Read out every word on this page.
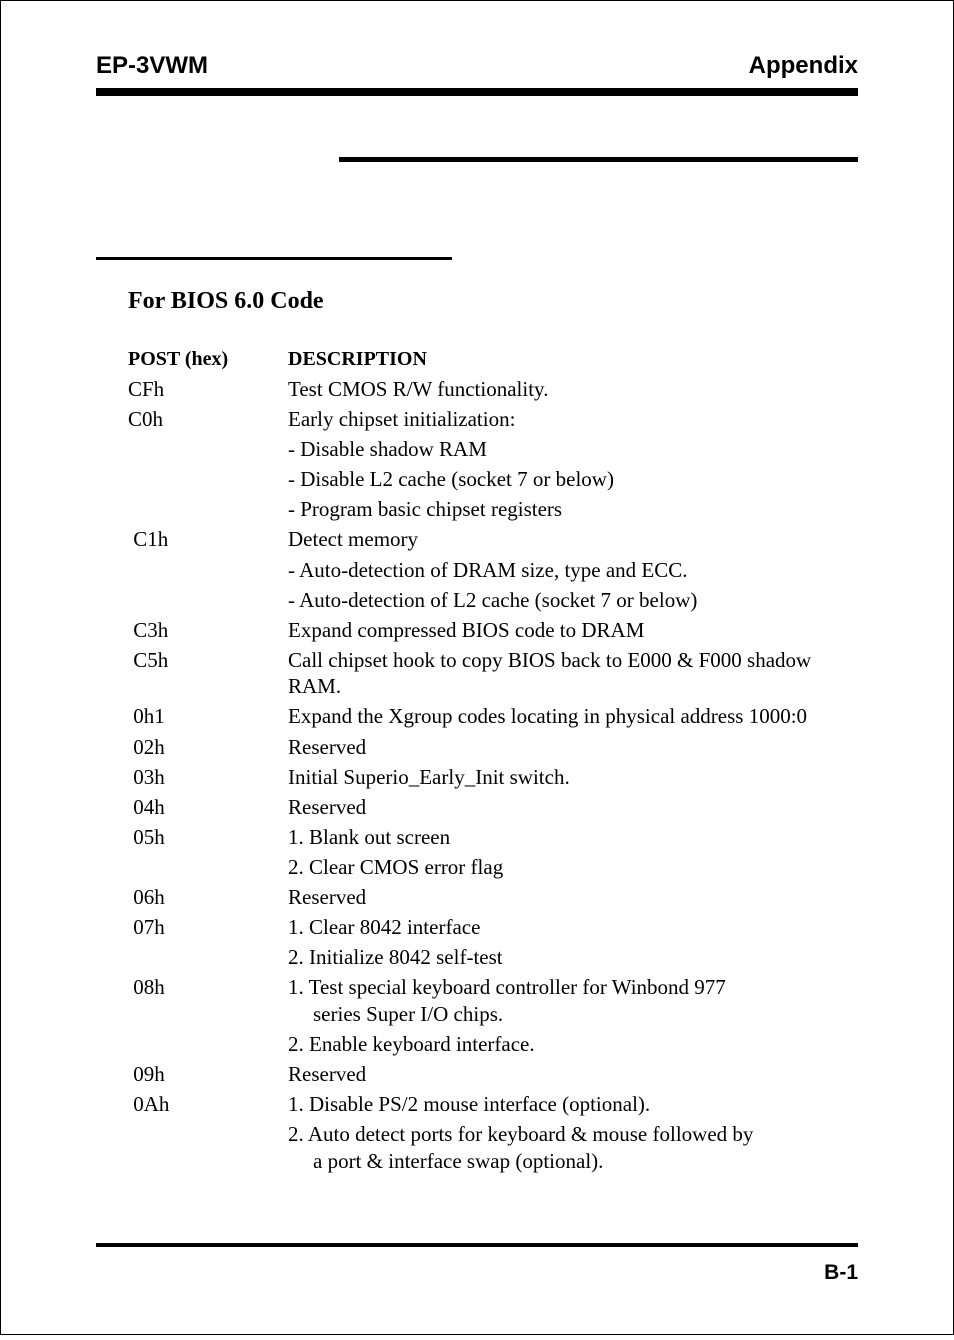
EP-3VWM	Appendix
For BIOS 6.0 Code
POST (hex)	DESCRIPTION
CFh	Test CMOS R/W functionality.
C0h	Early chipset initialization:
- Disable shadow RAM
- Disable L2 cache (socket 7 or below)
- Program basic chipset registers
C1h	Detect memory
- Auto-detection of DRAM size, type and ECC.
- Auto-detection of L2 cache (socket 7 or below)
C3h	Expand compressed BIOS code to DRAM
C5h	Call chipset hook to copy BIOS back to E000 & F000 shadow RAM.
0h1	Expand the Xgroup codes locating in physical address 1000:0
02h	Reserved
03h	Initial Superio_Early_Init switch.
04h	Reserved
05h	1. Blank out screen
2. Clear CMOS error flag
06h	Reserved
07h	1. Clear 8042 interface
2. Initialize 8042 self-test
08h	1. Test special keyboard controller for Winbond 977
series Super I/O chips.
2. Enable keyboard interface.
09h	Reserved
0Ah	1. Disable PS/2 mouse interface (optional).
2. Auto detect ports for keyboard & mouse followed by
a port & interface swap (optional).
B-1
